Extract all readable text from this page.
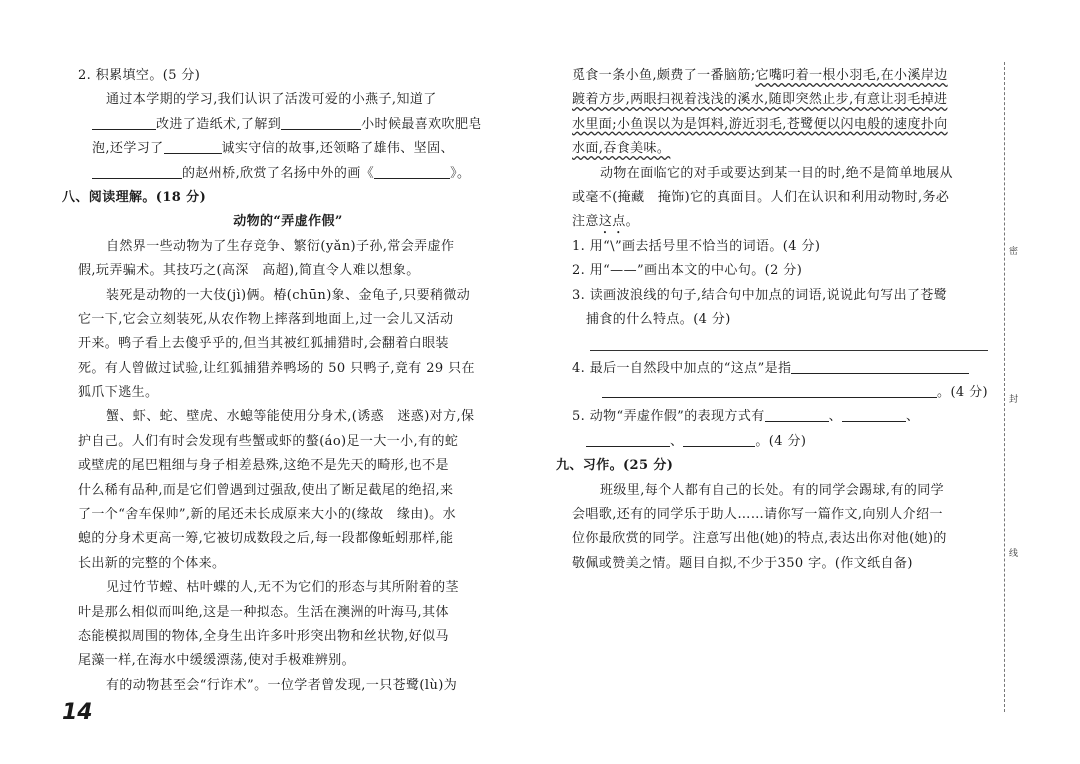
2. 积累填空。(5 分)
通过本学期的学习,我们认识了活泼可爱的小燕子,知道了
改进了造纸术,了解到	小时候最喜欢吹肥皂
泡,还学习了	诚实守信的故事,还领略了雄伟、坚固、
的赵州桥,欣赏了名扬中外的画《	》。
八、阅读理解。(18 分)
动物的“弄虚作假”
自然界一些动物为了生存竞争、繁衍(yǎn)子孙,常会弄虚作
假,玩弄骗术。其技巧之(高深　高超),简直令人难以想象。
装死是动物的一大伎(jì)俩。椿(chūn)象、金龟子,只要稍微动
它一下,它会立刻装死,从农作物上摔落到地面上,过一会儿又活动
开来。鸭子看上去傻乎乎的,但当其被红狐捕猎时,会翻着白眼装
死。有人曾做过试验,让红狐捕猎养鸭场的 50 只鸭子,竟有 29 只在
狐爪下逃生。
蟹、虾、蛇、壁虎、水螅等能使用分身术,(诱惑　迷惑)对方,保
护自己。人们有时会发现有些蟹或虾的螯(áo)足一大一小,有的蛇
或壁虎的尾巴粗细与身子相差悬殊,这绝不是先天的畸形,也不是
什么稀有品种,而是它们曾遇到过强敌,使出了断足截尾的绝招,来
了一个“舍车保帅”,新的尾还未长成原来大小的(缘故　缘由)。水
螅的分身术更高一筹,它被切成数段之后,每一段都像蚯蚓那样,能
长出新的完整的个体来。
见过竹节螳、枯叶蝶的人,无不为它们的形态与其所附着的茎
叶是那么相似而叫绝,这是一种拟态。生活在澳洲的叶海马,其体
态能模拟周围的物体,全身生出许多叶形突出物和丝状物,好似马
尾藻一样,在海水中缓缓漂荡,使对手极难辨别。
有的动物甚至会“行诈术”。一位学者曾发现,一只苍鹭(lù)为
觅食一条小鱼,颇费了一番脑筋;它嘴叼着一根小羽毛,在小溪岸边
踱着方步,两眼扫视着浅浅的溪水,随即突然止步,有意让羽毛掉进
水里面;小鱼误以为是饵料,游近羽毛,苍鹭便以闪电般的速度扑向
水面,吞食美味。
动物在面临它的对手或要达到某一目的时,绝不是简单地展从
或毫不(掩藏　掩饰)它的真面目。人们在认识和利用动物时,务必
注意这点。
1. 用“\”画去括号里不恰当的词语。(4 分)
2. 用“——”画出本文的中心句。(2 分)
3. 读画波浪线的句子,结合句中加点的词语,说说此句写出了苍鹭
捕食的什么特点。(4 分)
4. 最后一自然段中加点的“这点”是指
。(4 分)
5. 动物“弄虚作假”的表现方式有	、	、
、	。(4 分)
九、习作。(25 分)
班级里,每个人都有自己的长处。有的同学会踢球,有的同学
会唱歌,还有的同学乐于助人……请你写一篇作文,向别人介绍一
位你最欣赏的同学。注意写出他(她)的特点,表达出你对他(她)的
敬佩或赞美之情。题目自拟,不少于350 字。(作文纸自备)
14
密
封
线
